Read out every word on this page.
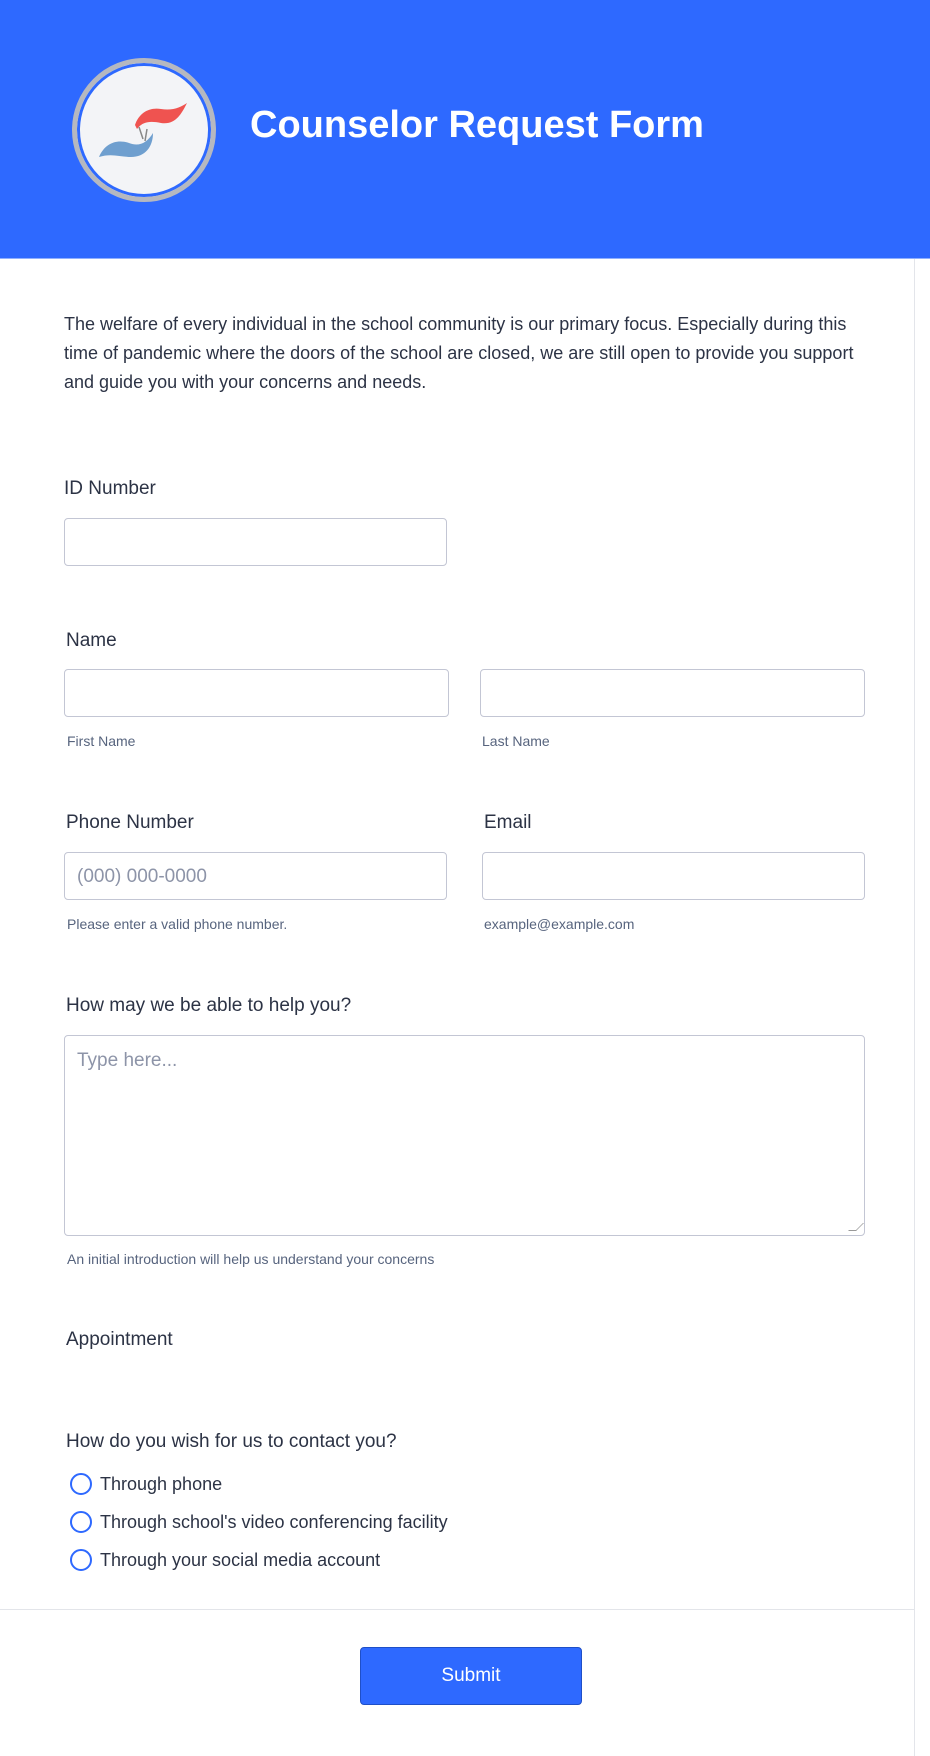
Counselor Request Form
The welfare of every individual in the school community is our primary focus. Especially during this time of pandemic where the doors of the school are closed, we are still open to provide you support and guide you with your concerns and needs.
ID Number
Name
First Name	Last Name
Phone Number
(000) 000-0000
Please enter a valid phone number.
Email
example@example.com
How may we be able to help you?
Type here...
An initial introduction will help us understand your concerns
Appointment
How do you wish for us to contact you?
Through phone
Through school's video conferencing facility
Through your social media account
Submit
